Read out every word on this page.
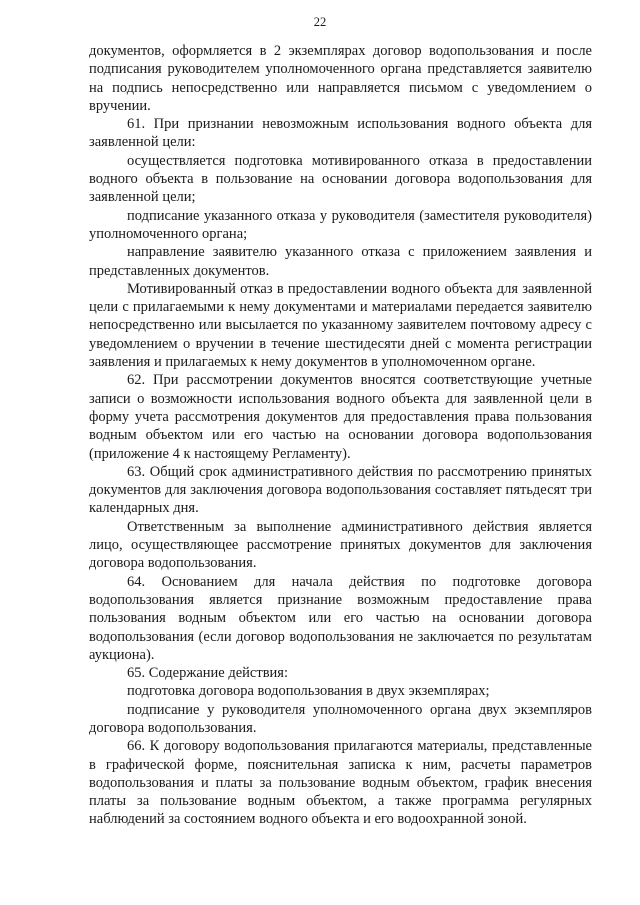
22

документов, оформляется в 2 экземплярах договор водопользования и после подписания руководителем уполномоченного органа представляется заявителю на подпись непосредственно или направляется письмом с уведомлением о вручении.

61. При признании невозможным использования водного объекта для заявленной цели:

осуществляется подготовка мотивированного отказа в предоставлении водного объекта в пользование на основании договора водопользования для заявленной цели;

подписание указанного отказа у руководителя (заместителя руководителя) уполномоченного органа;

направление заявителю указанного отказа с приложением заявления и представленных документов.

Мотивированный отказ в предоставлении водного объекта для заявленной цели с прилагаемыми к нему документами и материалами передается заявителю непосредственно или высылается по указанному заявителем почтовому адресу с уведомлением о вручении в течение шестидесяти дней с момента регистрации заявления и прилагаемых к нему документов в уполномоченном органе.

62. При рассмотрении документов вносятся соответствующие учетные записи о возможности использования водного объекта для заявленной цели в форму учета рассмотрения документов для предоставления права пользования водным объектом или его частью на основании договора водопользования (приложение 4 к настоящему Регламенту).

63. Общий срок административного действия по рассмотрению принятых документов для заключения договора водопользования составляет пятьдесят три календарных дня.

Ответственным за выполнение административного действия является лицо, осуществляющее рассмотрение принятых документов для заключения договора водопользования.

64. Основанием для начала действия по подготовке договора водопользования является признание возможным предоставление права пользования водным объектом или его частью на основании договора водопользования (если договор водопользования не заключается по результатам аукциона).

65. Содержание действия:

подготовка договора водопользования в двух экземплярах;

подписание у руководителя уполномоченного органа двух экземпляров договора водопользования.

66. К договору водопользования прилагаются материалы, представленные в графической форме, пояснительная записка к ним, расчеты параметров водопользования и платы за пользование водным объектом, график внесения платы за пользование водным объектом, а также программа регулярных наблюдений за состоянием водного объекта и его водоохранной зоной.
